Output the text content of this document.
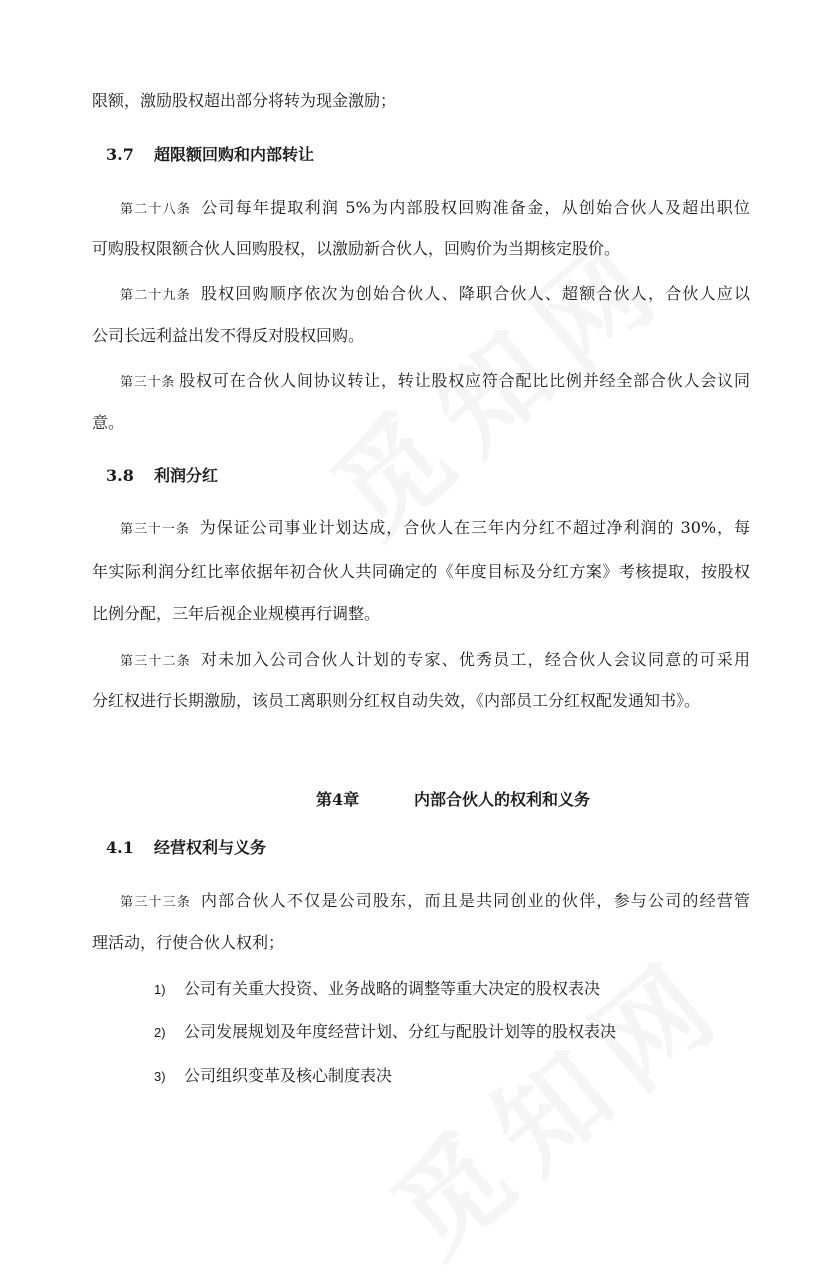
限额，激励股权超出部分将转为现金激励；
3.7 超限额回购和内部转让
第二十八条 公司每年提取利润 5%为内部股权回购准备金，从创始合伙人及超出职位
可购股权限额合伙人回购股权，以激励新合伙人，回购价为当期核定股价。
第二十九条 股权回购顺序依次为创始合伙人、降职合伙人、超额合伙人，合伙人应以
公司长远利益出发不得反对股权回购。
第三十条 股权可在合伙人间协议转让，转让股权应符合配比比例并经全部合伙人会议同
意。
3.8 利润分红
第三十一条 为保证公司事业计划达成，合伙人在三年内分红不超过净利润的 30%，每
年实际利润分红比率依据年初合伙人共同确定的《年度目标及分红方案》考核提取，按股权
比例分配，三年后视企业规模再行调整。
第三十二条 对未加入公司合伙人计划的专家、优秀员工，经合伙人会议同意的可采用
分红权进行长期激励，该员工离职则分红权自动失效，《内部员工分红权配发通知书》。
第4章	内部合伙人的权利和义务
4.1 经营权利与义务
第三十三条 内部合伙人不仅是公司股东，而且是共同创业的伙伴，参与公司的经营管
理活动，行使合伙人权利；
1) 公司有关重大投资、业务战略的调整等重大决定的股权表决
2) 公司发展规划及年度经营计划、分红与配股计划等的股权表决
3) 公司组织变革及核心制度表决
